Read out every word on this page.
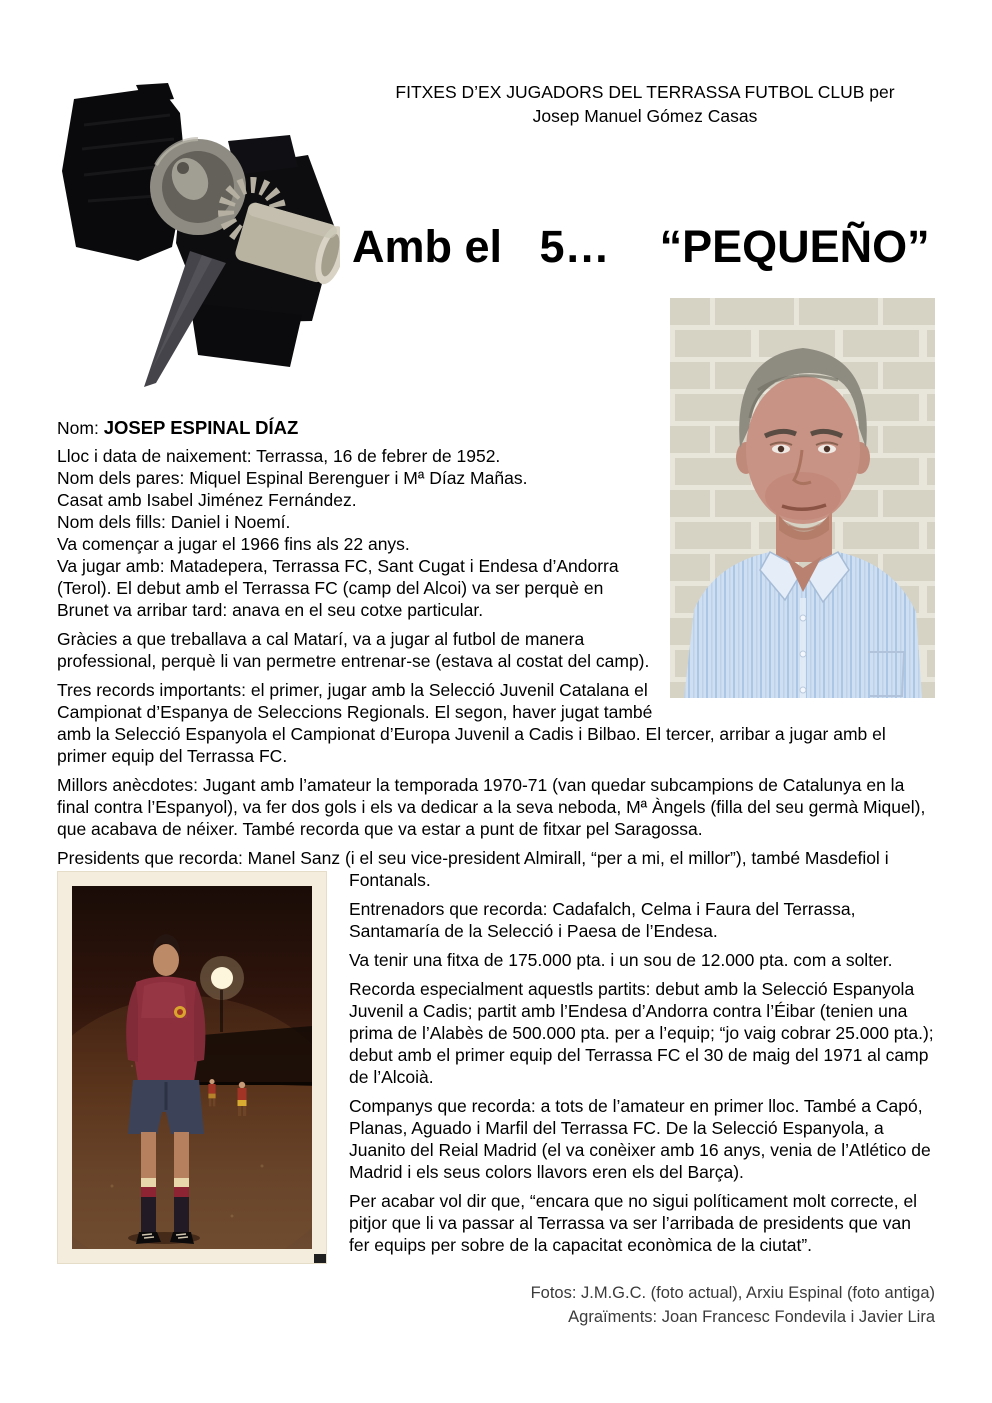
FITXES D’EX JUGADORS DEL TERRASSA FUTBOL CLUB per
Josep Manuel Gómez Casas
Amb el   5…    “PEQUEÑO”

Nom: JOSEP ESPINAL DÍAZ

Lloc i data de naixement: Terrassa, 16 de febrer de 1952.
Nom dels pares: Miquel Espinal Berenguer i Mª Díaz Mañas.
Casat amb Isabel Jiménez Fernández.
Nom dels fills: Daniel i Noemí.
Va començar a jugar el 1966 fins als 22 anys.
Va jugar amb: Matadepera, Terrassa FC, Sant Cugat i Endesa d’Andorra (Terol). El debut amb el Terrassa FC (camp del Alcoi) va ser perquè en Brunet va arribar tard: anava en el seu cotxe particular.

Gràcies a que treballava a cal Matarí, va a jugar al futbol de manera professional, perquè li van permetre entrenar-se (estava al costat del camp).

Tres records importants: el primer, jugar amb la Selecció Juvenil Catalana el Campionat d’Espanya de Seleccions Regionals. El segon, haver jugat també amb la Selecció Espanyola el Campionat d’Europa Juvenil a Cadis i Bilbao. El tercer, arribar a jugar amb el primer equip del Terrassa FC.

Millors anècdotes: Jugant amb l’amateur la temporada 1970-71 (van quedar subcampions de Catalunya en la final contra l’Espanyol), va fer dos gols i els va dedicar a la seva neboda, Mª Àngels (filla del seu germà Miquel), que acabava de néixer. També recorda que va estar a punt de fitxar pel Saragossa.

Presidents que recorda: Manel Sanz (i el seu vice-president Almirall, “per a mi, el millor”), també Masdefiol
i Fontanals.

Entrenadors que recorda: Cadafalch, Celma i Faura del Terrassa, Santamaría de la Selecció i Paesa de l’Endesa.

Va tenir una fitxa de 175.000 pta. i un sou de 12.000 pta. com a solter.

Recorda especialment aquestls partits: debut amb la Selecció Espanyola Juvenil a Cadis; partit amb l’Endesa d’Andorra contra l’Éibar (tenien una prima de l’Alabès de 500.000 pta. per a l’equip; “jo vaig cobrar 25.000 pta.); debut amb el primer equip del Terrassa FC el 30 de maig del 1971 al camp de l’Alcoià.

Companys que recorda: a tots de l’amateur en primer lloc. També a Capó, Planas, Aguado i Marfil del Terrassa FC. De la Selecció Espanyola, a Juanito del Reial Madrid (el va conèixer amb 16 anys, venia de l’Atlético de Madrid i els seus colors llavors eren els del Barça).

Per acabar vol dir que, “encara que no sigui políticament molt correcte, el pitjor que li va passar al Terrassa va ser l’arribada de presidents que van fer equips per sobre de la capacitat econòmica de la ciutat”.

Fotos: J.M.G.C. (foto actual), Arxiu Espinal (foto antiga)
Agraïments: Joan Francesc Fondevila i Javier Lira
